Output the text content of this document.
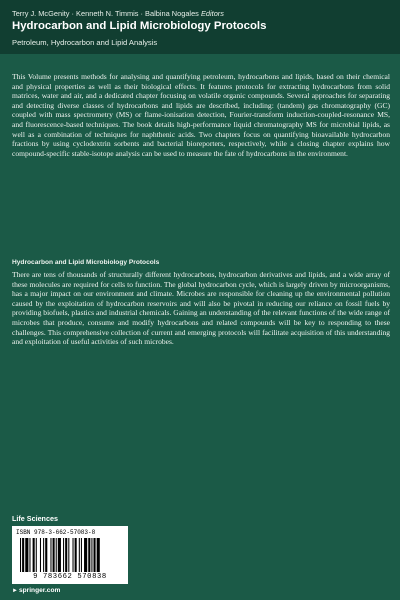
Terry J. McGenity · Kenneth N. Timmis · Balbina Nogales Editors
Hydrocarbon and Lipid Microbiology Protocols
Petroleum, Hydrocarbon and Lipid Analysis

This Volume presents methods for analysing and quantifying petroleum, hydrocarbons and lipids, based on their chemical and physical properties as well as their biological effects. It features protocols for extracting hydrocarbons from solid matrices, water and air, and a dedicated chapter focusing on volatile organic compounds. Several approaches for separating and detecting diverse classes of hydrocarbons and lipids are described, including: (tandem) gas chromatography (GC) coupled with mass spectrometry (MS) or flame-ionisation detection, Fourier-transform induction-coupled-resonance MS, and fluorescence-based techniques. The book details high-performance liquid chromatography MS for microbial lipids, as well as a combination of techniques for naphthenic acids. Two chapters focus on quantifying bioavailable hydrocarbon fractions by using cyclodextrin sorbents and bacterial bioreporters, respectively, while a closing chapter explains how compound-specific stable-isotope analysis can be used to measure the fate of hydrocarbons in the environment.

Hydrocarbon and Lipid Microbiology Protocols

There are tens of thousands of structurally different hydrocarbons, hydrocarbon derivatives and lipids, and a wide array of these molecules are required for cells to function. The global hydrocarbon cycle, which is largely driven by microorganisms, has a major impact on our environment and climate. Microbes are responsible for cleaning up the environmental pollution caused by the exploitation of hydrocarbon reservoirs and will also be pivotal in reducing our reliance on fossil fuels by providing biofuels, plastics and industrial chemicals. Gaining an understanding of the relevant functions of the wide range of microbes that produce, consume and modify hydrocarbons and related compounds will be key to responding to these challenges. This comprehensive collection of current and emerging protocols will facilitate acquisition of this understanding and exploitation of useful activities of such microbes.

Life Sciences
ISBN 978-3-662-57083-8
9 783662 570838
►springer.com
